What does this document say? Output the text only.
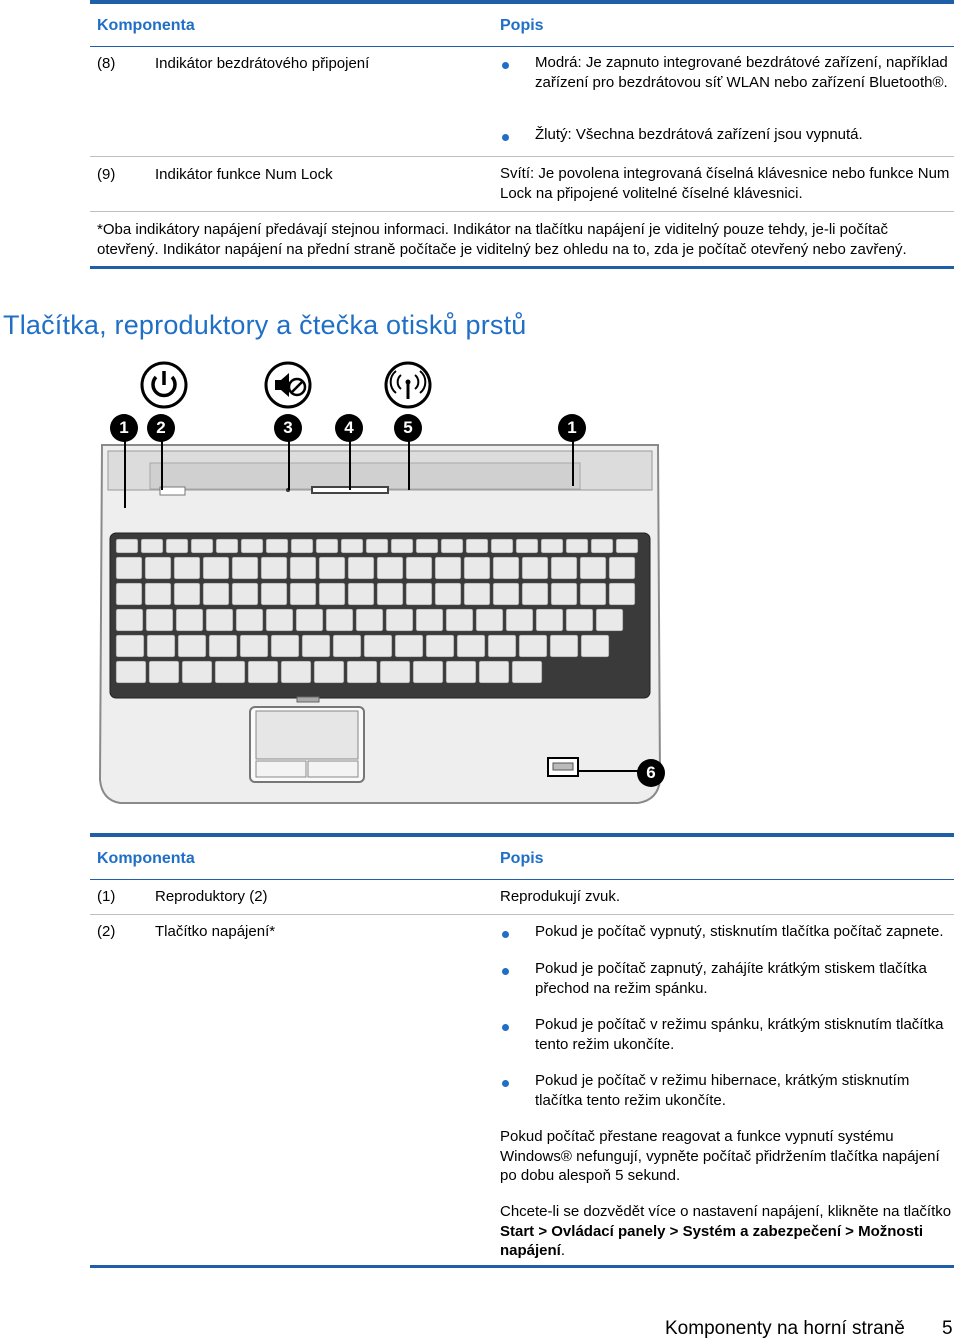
Komponenta	Popis
(8)	Indikátor bezdrátového připojení	Modrá: Je zapnuto integrované bezdrátové zařízení, například zařízení pro bezdrátovou síť WLAN nebo zařízení Bluetooth®.
Žlutý: Všechna bezdrátová zařízení jsou vypnutá.
(9)	Indikátor funkce Num Lock	Svítí: Je povolena integrovaná číselná klávesnice nebo funkce Num Lock na připojené volitelné číselné klávesnici.
*Oba indikátory napájení předávají stejnou informaci. Indikátor na tlačítku napájení je viditelný pouze tehdy, je-li počítač otevřený. Indikátor napájení na přední straně počítače je viditelný bez ohledu na to, zda je počítač otevřený nebo zavřený.
Tlačítka, reproduktory a čtečka otisků prstů
1	2	3	4	5	1
6
Komponenta	Popis
(1)	Reproduktory (2)	Reprodukují zvuk.
(2)	Tlačítko napájení*	Pokud je počítač vypnutý, stisknutím tlačítka počítač zapnete.
Pokud je počítač zapnutý, zahájíte krátkým stiskem tlačítka přechod na režim spánku.
Pokud je počítač v režimu spánku, krátkým stisknutím tlačítka tento režim ukončíte.
Pokud je počítač v režimu hibernace, krátkým stisknutím tlačítka tento režim ukončíte.
Pokud počítač přestane reagovat a funkce vypnutí systému Windows® nefungují, vypněte počítač přidržením tlačítka napájení po dobu alespoň 5 sekund.
Chcete-li se dozvědět více o nastavení napájení, klikněte na tlačítko Start > Ovládací panely > Systém a zabezpečení > Možnosti napájení.
Komponenty na horní straně 5
